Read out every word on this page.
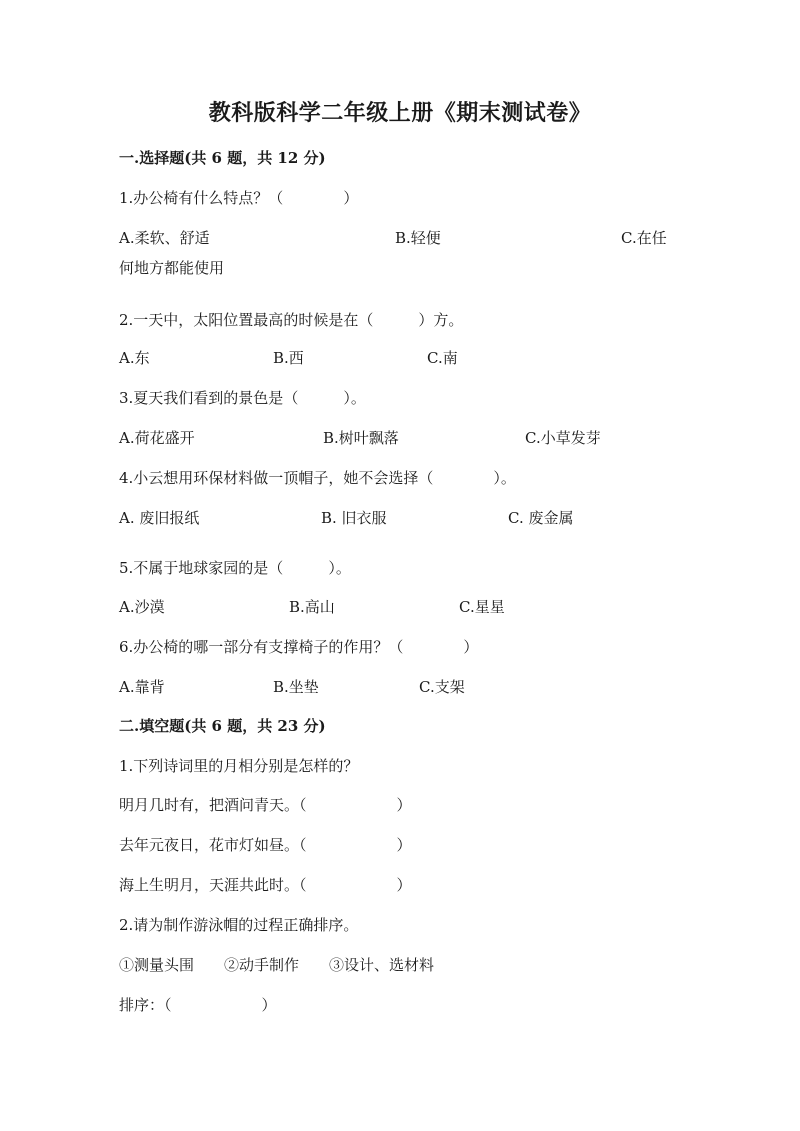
教科版科学二年级上册《期末测试卷》
一.选择题(共 6 题，共 12 分)
1.办公椅有什么特点？（　　　　）
A.柔软、舒适	B.轻便	C.在任
何地方都能使用
2.一天中，太阳位置最高的时候是在（　　　）方。
A.东	B.西	C.南
3.夏天我们看到的景色是（　　　）。
A.荷花盛开	B.树叶飘落	C.小草发芽
4.小云想用环保材料做一顶帽子，她不会选择（　　　　）。
A. 废旧报纸	B. 旧衣服	C. 废金属
5.不属于地球家园的是（　　　）。
A.沙漠	B.高山	C.星星
6.办公椅的哪一部分有支撑椅子的作用？（　　　　）
A.靠背	B.坐垫	C.支架
二.填空题(共 6 题，共 23 分)
1.下列诗词里的月相分别是怎样的？
明月几时有，把酒问青天。（　　　　　　）
去年元夜日，花市灯如昼。（　　　　　　）
海上生明月，天涯共此时。（　　　　　　）
2.请为制作游泳帽的过程正确排序。
①测量头围　　②动手制作　　③设计、选材料
排序：（　　　　　　）
